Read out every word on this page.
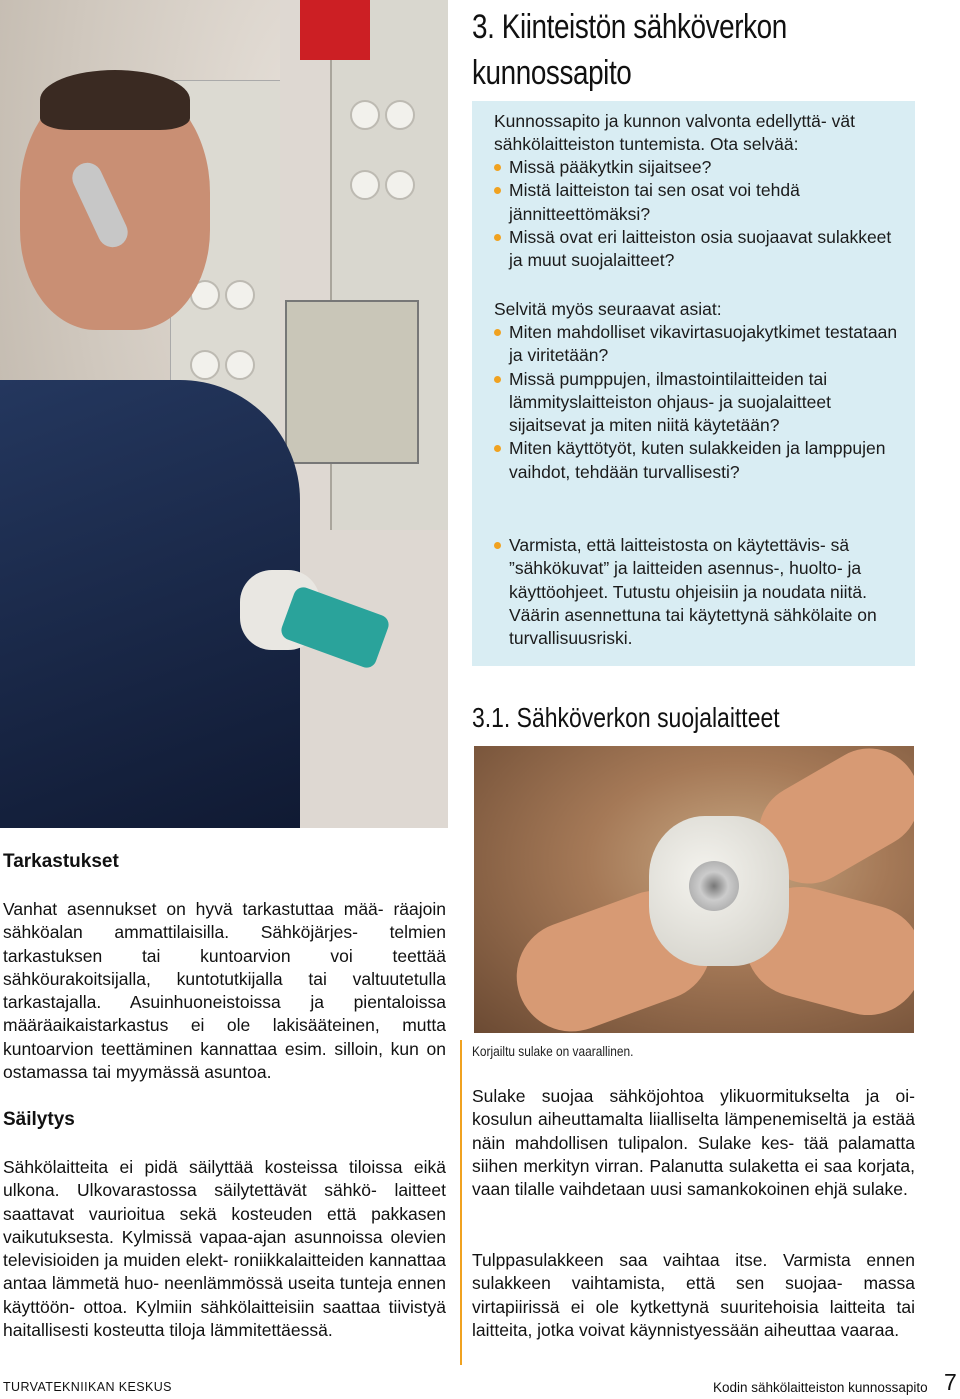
3. Kiinteistön sähköverkon
kunnossapito
Kunnossapito ja kunnon valvonta edellyttä- vät sähkölaitteiston tuntemista. Ota selvää:
Missä pääkytkin sijaitsee?
Mistä laitteiston tai sen osat voi tehdä jännitteettömäksi?
Missä ovat eri laitteiston osia suojaavat sulakkeet ja muut suojalaitteet?
Selvitä myös seuraavat asiat:
Miten mahdolliset vikavirtasuojakytkimet testataan ja viritetään?
Missä pumppujen, ilmastointilaitteiden tai lämmityslaitteiston ohjaus- ja suojalaitteet sijaitsevat ja miten niitä käytetään?
Miten käyttötyöt, kuten sulakkeiden ja lamppujen vaihdot, tehdään turvallisesti?
Varmista, että laitteistosta on käytettävis- sä ”sähkökuvat” ja laitteiden asennus-, huolto- ja käyttöohjeet. Tutustu ohjeisiin ja noudata niitä. Väärin asennettuna tai käytettynä sähkölaite on turvallisuusriski.
3.1. Sähköverkon suojalaitteet
Korjailtu sulake on vaarallinen.
Tarkastukset
Vanhat asennukset on hyvä tarkastuttaa mää- räajoin sähköalan ammattilaisilla. Sähköjärjes- telmien tarkastuksen tai kuntoarvion voi teettää sähköurakoitsijalla, kuntotutkijalla tai valtuutetulla tarkastajalla. Asuinhuoneistoissa ja pientaloissa määräaikaistarkastus ei ole lakisääteinen, mutta kuntoarvion teettäminen kannattaa esim. silloin, kun on ostamassa tai myymässä asuntoa.
Säilytys
Sähkölaitteita ei pidä säilyttää kosteissa tiloissa eikä ulkona. Ulkovarastossa säilytettävät sähkö- laitteet saattavat vaurioitua sekä kosteuden että pakkasen vaikutuksesta. Kylmissä vapaa-ajan asunnoissa olevien televisioiden ja muiden elekt- roniikkalaitteiden kannattaa antaa lämmetä huo- neenlämmössä useita tunteja ennen käyttöön- ottoa. Kylmiin sähkölaitteisiin saattaa tiivistyä haitallisesti kosteutta tiloja lämmitettäessä.
Sulake suojaa sähköjohtoa ylikuormitukselta ja oi- kosulun aiheuttamalta liialliselta lämpenemiseltä ja estää näin mahdollisen tulipalon. Sulake kes- tää palamatta siihen merkityn virran. Palanutta sulaketta ei saa korjata, vaan tilalle vaihdetaan uusi samankokoinen ehjä sulake.
Tulppasulakkeen saa vaihtaa itse. Varmista ennen sulakkeen vaihtamista, että sen suojaa- massa virtapiirissä ei ole kytkettynä suuritehoisia laitteita tai laitteita, jotka voivat käynnistyessään aiheuttaa vaaraa.
TURVATEKNIIKAN KESKUS	Kodin sähkölaitteiston kunnossapito 7
